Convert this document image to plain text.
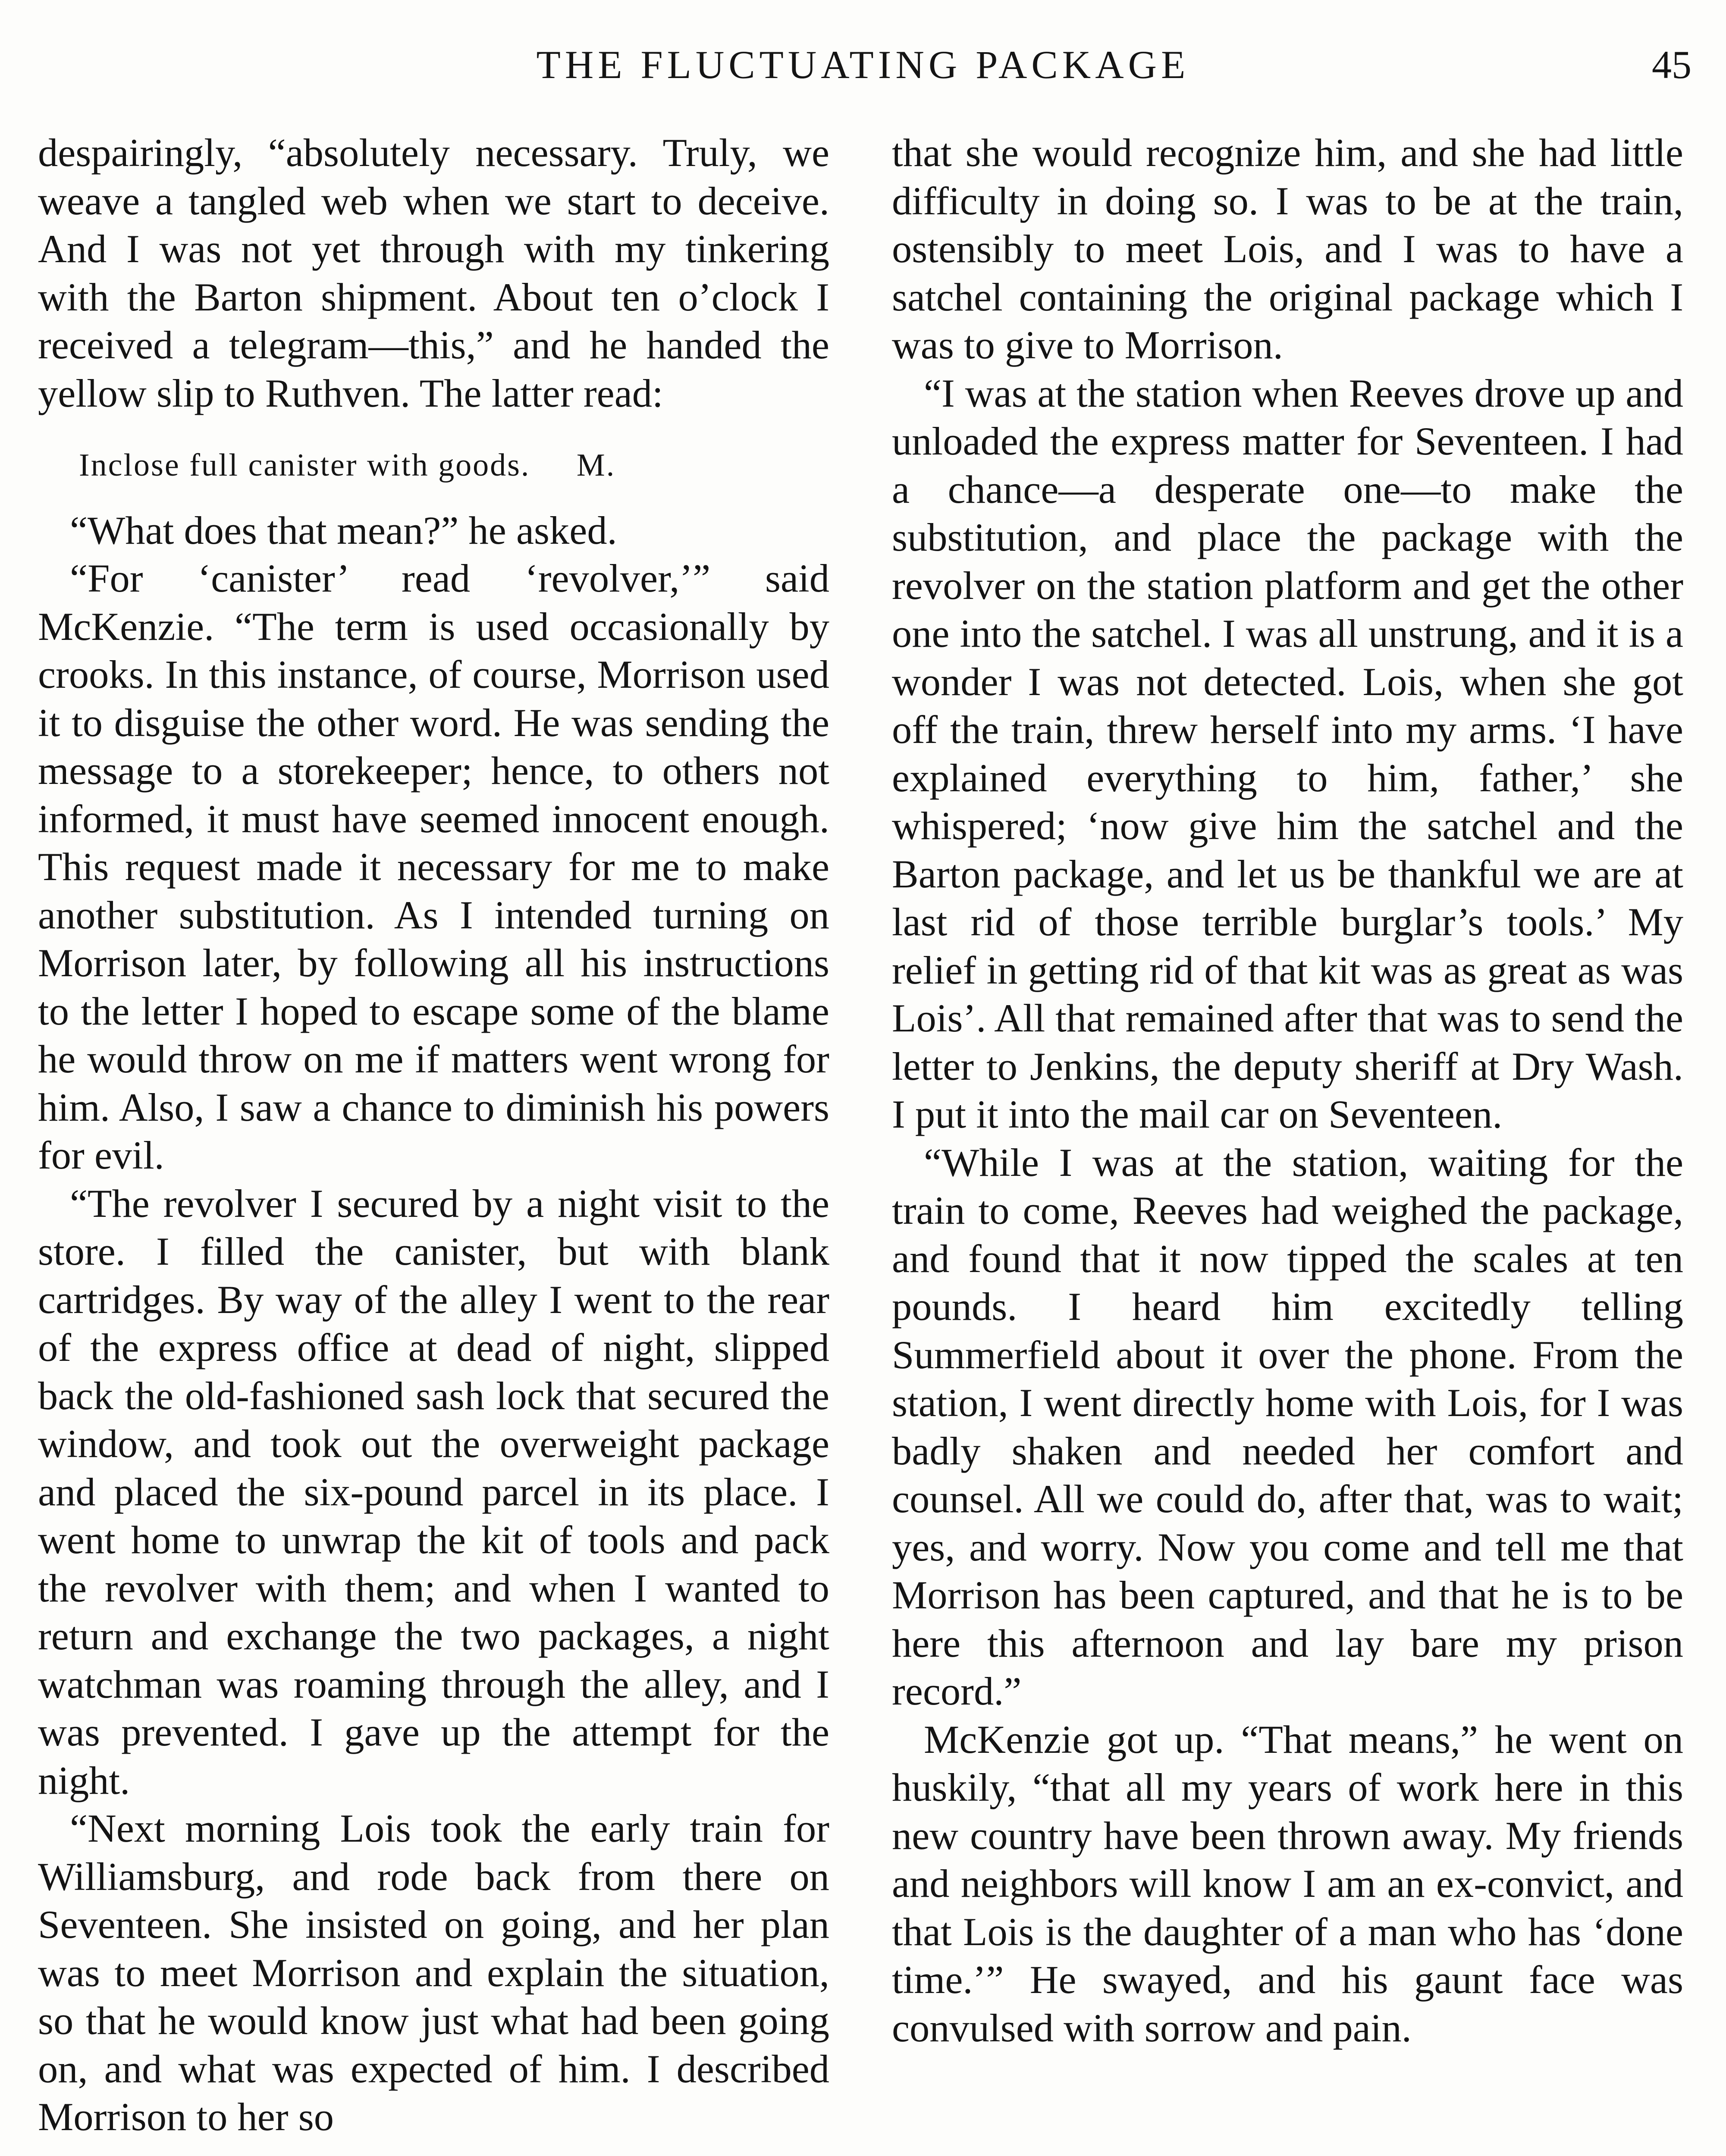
THE FLUCTUATING PACKAGE	45

despairingly, “absolutely necessary. Truly, we weave a tangled web when we start to deceive. And I was not yet through with my tinkering with the Barton shipment. About ten o’clock I received a telegram—this,” and he handed the yellow slip to Ruthven. The latter read:

Inclose full canister with goods.     M.

“What does that mean?” he asked.

“For ‘canister’ read ‘revolver,’” said McKenzie. “The term is used occasionally by crooks. In this instance, of course, Morrison used it to disguise the other word. He was sending the message to a storekeeper; hence, to others not informed, it must have seemed innocent enough. This request made it necessary for me to make another substitution. As I intended turning on Morrison later, by following all his instructions to the letter I hoped to escape some of the blame he would throw on me if matters went wrong for him. Also, I saw a chance to diminish his powers for evil.

“The revolver I secured by a night visit to the store. I filled the canister, but with blank cartridges. By way of the alley I went to the rear of the express office at dead of night, slipped back the old-fashioned sash lock that secured the window, and took out the overweight package and placed the six-pound parcel in its place. I went home to unwrap the kit of tools and pack the revolver with them; and when I wanted to return and exchange the two packages, a night watchman was roaming through the alley, and I was prevented. I gave up the attempt for the night.

“Next morning Lois took the early train for Williamsburg, and rode back from there on Seventeen. She insisted on going, and her plan was to meet Morrison and explain the situation, so that he would know just what had been going on, and what was expected of him. I described Morrison to her so

that she would recognize him, and she had little difficulty in doing so. I was to be at the train, ostensibly to meet Lois, and I was to have a satchel containing the original package which I was to give to Morrison.

“I was at the station when Reeves drove up and unloaded the express matter for Seventeen. I had a chance—a desperate one—to make the substitution, and place the package with the revolver on the station platform and get the other one into the satchel. I was all unstrung, and it is a wonder I was not detected. Lois, when she got off the train, threw herself into my arms. ‘I have explained everything to him, father,’ she whispered; ‘now give him the satchel and the Barton package, and let us be thankful we are at last rid of those terrible burglar’s tools.’ My relief in getting rid of that kit was as great as was Lois’. All that remained after that was to send the letter to Jenkins, the deputy sheriff at Dry Wash. I put it into the mail car on Seventeen.

“While I was at the station, waiting for the train to come, Reeves had weighed the package, and found that it now tipped the scales at ten pounds. I heard him excitedly telling Summerfield about it over the phone. From the station, I went directly home with Lois, for I was badly shaken and needed her comfort and counsel. All we could do, after that, was to wait; yes, and worry. Now you come and tell me that Morrison has been captured, and that he is to be here this afternoon and lay bare my prison record.”

McKenzie got up. “That means,” he went on huskily, “that all my years of work here in this new country have been thrown away. My friends and neighbors will know I am an ex-convict, and that Lois is the daughter of a man who has ‘done time.’” He swayed, and his gaunt face was convulsed with sorrow and pain.
